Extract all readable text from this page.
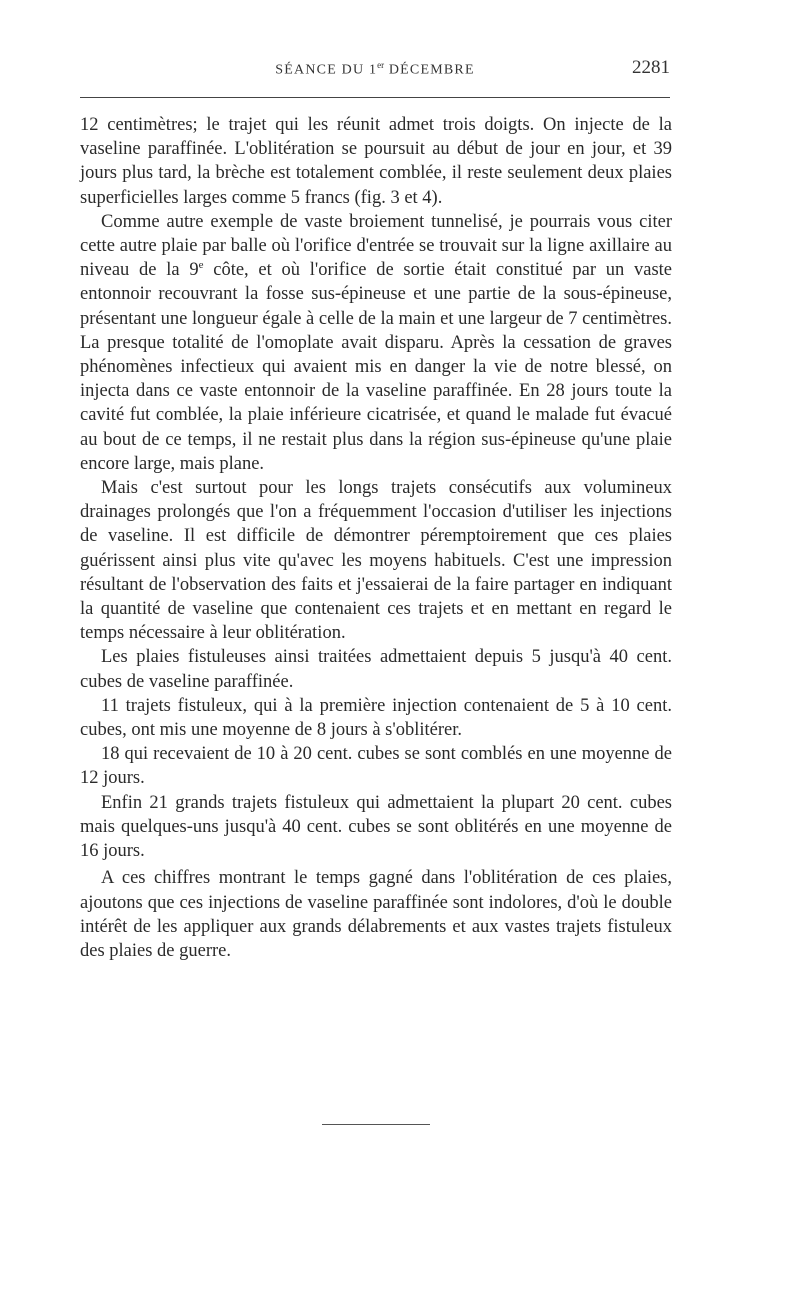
SÉANCE DU 1er DÉCEMBRE	2281

12 centimètres; le trajet qui les réunit admet trois doigts. On injecte de la vaseline paraffinée. L'oblitération se poursuit au début de jour en jour, et 39 jours plus tard, la brèche est totalement comblée, il reste seulement deux plaies superficielles larges comme 5 francs (fig. 3 et 4).

Comme autre exemple de vaste broiement tunnelisé, je pourrais vous citer cette autre plaie par balle où l'orifice d'entrée se trouvait sur la ligne axillaire au niveau de la 9e côte, et où l'orifice de sortie était constitué par un vaste entonnoir recouvrant la fosse sus-épineuse et une partie de la sous-épineuse, présentant une longueur égale à celle de la main et une largeur de 7 centimètres. La presque totalité de l'omoplate avait disparu. Après la cessation de graves phénomènes infectieux qui avaient mis en danger la vie de notre blessé, on injecta dans ce vaste entonnoir de la vaseline paraffinée. En 28 jours toute la cavité fut comblée, la plaie inférieure cicatrisée, et quand le malade fut évacué au bout de ce temps, il ne restait plus dans la région sus-épineuse qu'une plaie encore large, mais plane.

Mais c'est surtout pour les longs trajets consécutifs aux volumineux drainages prolongés que l'on a fréquemment l'occasion d'utiliser les injections de vaseline. Il est difficile de démontrer péremptoirement que ces plaies guérissent ainsi plus vite qu'avec les moyens habituels. C'est une impression résultant de l'observation des faits et j'essaierai de la faire partager en indiquant la quantité de vaseline que contenaient ces trajets et en mettant en regard le temps nécessaire à leur oblitération.

Les plaies fistuleuses ainsi traitées admettaient depuis 5 jusqu'à 40 cent. cubes de vaseline paraffinée.

11 trajets fistuleux, qui à la première injection contenaient de 5 à 10 cent. cubes, ont mis une moyenne de 8 jours à s'oblitérer.

18 qui recevaient de 10 à 20 cent. cubes se sont comblés en une moyenne de 12 jours.

Enfin 21 grands trajets fistuleux qui admettaient la plupart 20 cent. cubes mais quelques-uns jusqu'à 40 cent. cubes se sont oblitérés en une moyenne de 16 jours.

A ces chiffres montrant le temps gagné dans l'oblitération de ces plaies, ajoutons que ces injections de vaseline paraffinée sont indolores, d'où le double intérêt de les appliquer aux grands délabrements et aux vastes trajets fistuleux des plaies de guerre.
